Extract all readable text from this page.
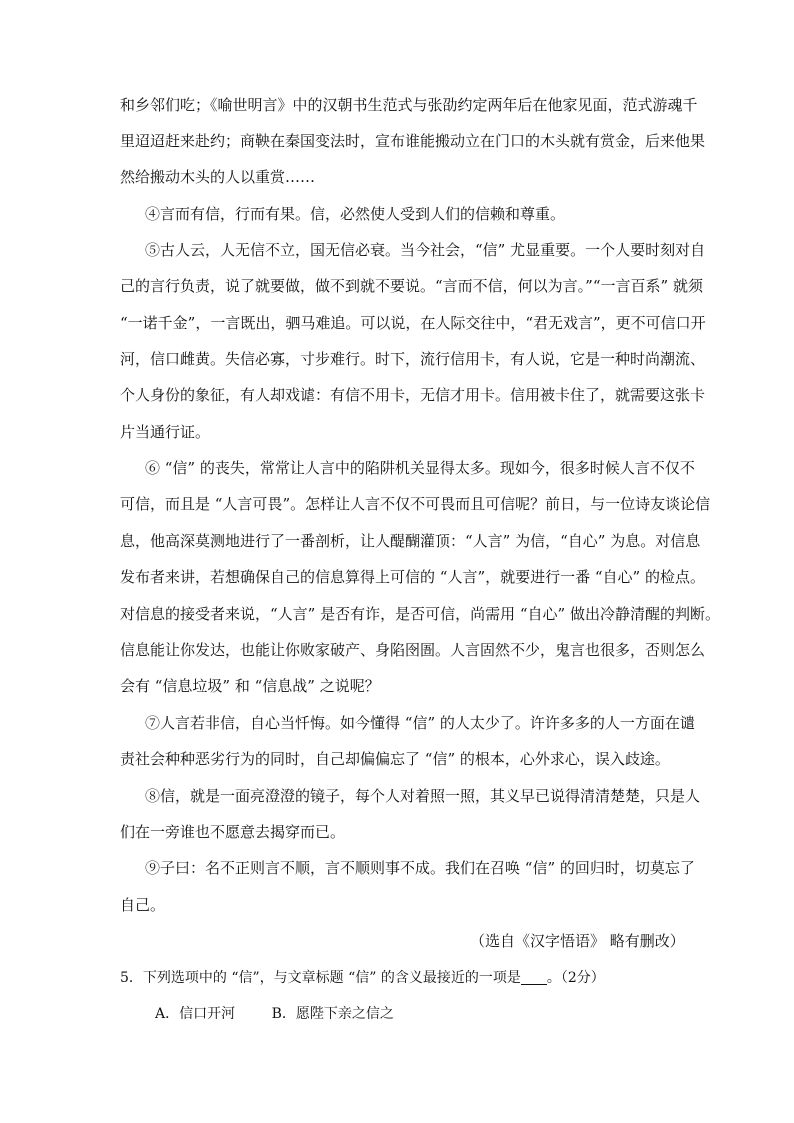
和乡邻们吃；《喻世明言》中的汉朝书生范式与张劭约定两年后在他家见面，范式游魂千
里迢迢赶来赴约；商鞅在秦国变法时，宣布谁能搬动立在门口的木头就有赏金，后来他果
然给搬动木头的人以重赏……
④言而有信，行而有果。信，必然使人受到人们的信赖和尊重。
⑤古人云，人无信不立，国无信必衰。当今社会，“信” 尤显重要。一个人要时刻对自
己的言行负责，说了就要做，做不到就不要说。“言而不信，何以为言。”“一言百系” 就须
“一诺千金”，一言既出，驷马难追。可以说，在人际交往中，“君无戏言”，更不可信口开
河，信口雌黄。失信必寡，寸步难行。时下，流行信用卡，有人说，它是一种时尚潮流、
个人身份的象征，有人却戏谑：有信不用卡，无信才用卡。信用被卡住了，就需要这张卡
片当通行证。
⑥ “信” 的丧失，常常让人言中的陷阱机关显得太多。现如今，很多时候人言不仅不
可信，而且是 “人言可畏”。怎样让人言不仅不可畏而且可信呢？前日，与一位诗友谈论信
息，他高深莫测地进行了一番剖析，让人醍醐灌顶：“人言” 为信，“自心” 为息。对信息
发布者来讲，若想确保自己的信息算得上可信的 “人言”，就要进行一番 “自心” 的检点。
对信息的接受者来说，“人言” 是否有诈，是否可信，尚需用 “自心” 做出冷静清醒的判断。
信息能让你发达，也能让你败家破产、身陷囹圄。人言固然不少，鬼言也很多，否则怎么
会有 “信息垃圾” 和 “信息战” 之说呢？
⑦人言若非信，自心当忏悔。如今懂得 “信” 的人太少了。许许多多的人一方面在谴
责社会种种恶劣行为的同时，自己却偏偏忘了 “信” 的根本，心外求心，误入歧途。
⑧信，就是一面亮澄澄的镜子，每个人对着照一照，其义早已说得清清楚楚，只是人
们在一旁谁也不愿意去揭穿而已。
⑨子曰：名不正则言不顺，言不顺则事不成。我们在召唤 “信” 的回归时，切莫忘了
自己。
（选自《汉字悟语》 略有删改）
5．下列选项中的 “信”，与文章标题 “信” 的含义最接近的一项是 。（2分）
A．信口开河	B．愿陛下亲之信之
